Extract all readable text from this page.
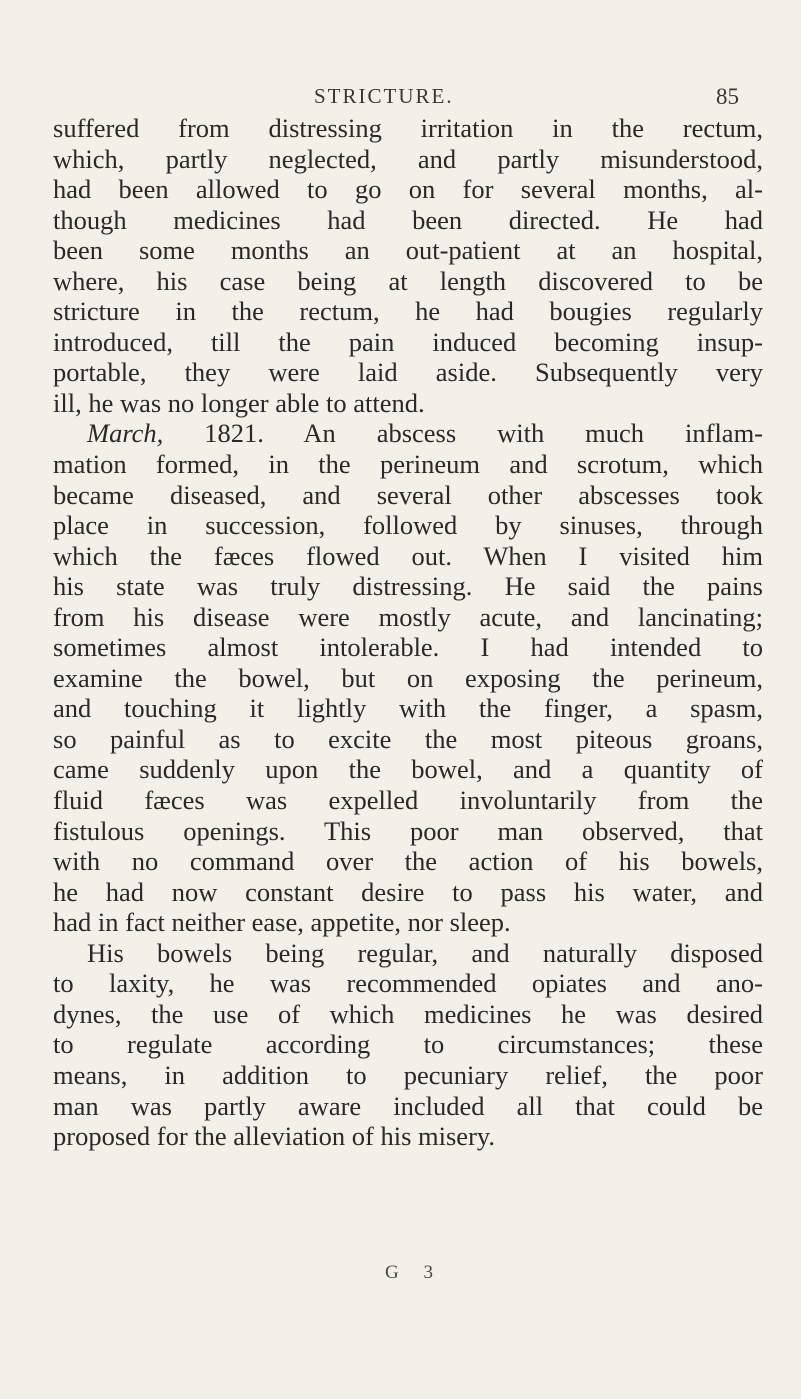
STRICTURE.	85
suffered from distressing irritation in the rectum,
which, partly neglected, and partly misunderstood,
had been allowed to go on for several months, al-
though medicines had been directed. He had
been some months an out-patient at an hospital,
where, his case being at length discovered to be
stricture in the rectum, he had bougies regularly
introduced, till the pain induced becoming insup-
portable, they were laid aside. Subsequently very
ill, he was no longer able to attend.
March, 1821. An abscess with much inflam-
mation formed, in the perineum and scrotum, which
became diseased, and several other abscesses took
place in succession, followed by sinuses, through
which the fæces flowed out. When I visited him
his state was truly distressing. He said the pains
from his disease were mostly acute, and lancinating;
sometimes almost intolerable. I had intended to
examine the bowel, but on exposing the perineum,
and touching it lightly with the finger, a spasm,
so painful as to excite the most piteous groans,
came suddenly upon the bowel, and a quantity of
fluid fæces was expelled involuntarily from the
fistulous openings. This poor man observed, that
with no command over the action of his bowels,
he had now constant desire to pass his water, and
had in fact neither ease, appetite, nor sleep.
His bowels being regular, and naturally disposed
to laxity, he was recommended opiates and ano-
dynes, the use of which medicines he was desired
to regulate according to circumstances; these
means, in addition to pecuniary relief, the poor
man was partly aware included all that could be
proposed for the alleviation of his misery.
G 3
